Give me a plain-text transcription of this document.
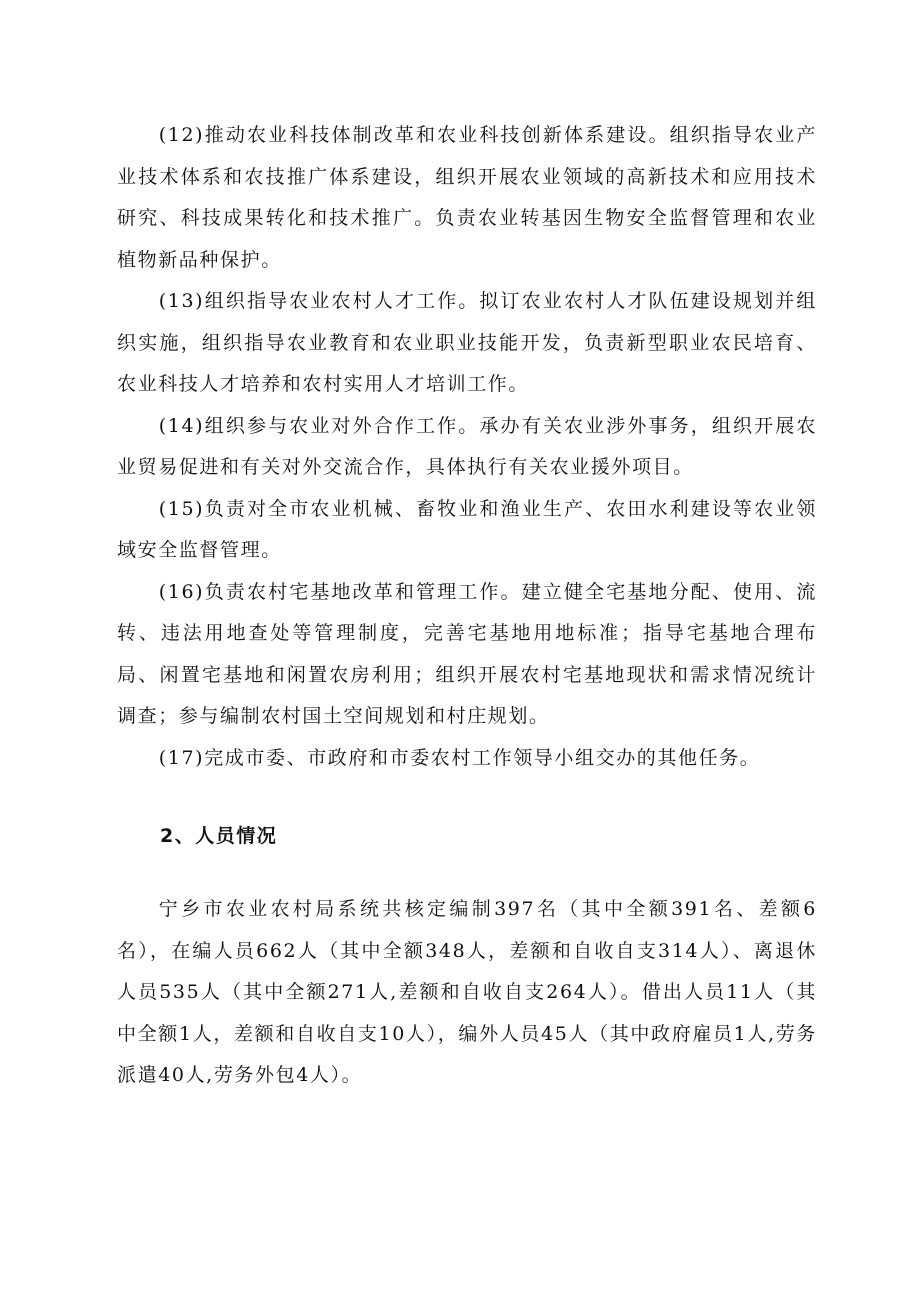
(12)推动农业科技体制改革和农业科技创新体系建设。组织指导农业产业技术体系和农技推广体系建设，组织开展农业领域的高新技术和应用技术研究、科技成果转化和技术推广。负责农业转基因生物安全监督管理和农业植物新品种保护。

(13)组织指导农业农村人才工作。拟订农业农村人才队伍建设规划并组织实施，组织指导农业教育和农业职业技能开发，负责新型职业农民培育、农业科技人才培养和农村实用人才培训工作。

(14)组织参与农业对外合作工作。承办有关农业涉外事务，组织开展农业贸易促进和有关对外交流合作，具体执行有关农业援外项目。

(15)负责对全市农业机械、畜牧业和渔业生产、农田水利建设等农业领域安全监督管理。

(16)负责农村宅基地改革和管理工作。建立健全宅基地分配、使用、流转、违法用地查处等管理制度，完善宅基地用地标准；指导宅基地合理布局、闲置宅基地和闲置农房利用；组织开展农村宅基地现状和需求情况统计调查；参与编制农村国土空间规划和村庄规划。

(17)完成市委、市政府和市委农村工作领导小组交办的其他任务。

2、人员情况

宁乡市农业农村局系统共核定编制397名（其中全额391名、差额6名），在编人员662人（其中全额348人，差额和自收自支314人）、离退休人员535人（其中全额271人,差额和自收自支264人）。借出人员11人（其中全额1人，差额和自收自支10人），编外人员45人（其中政府雇员1人,劳务派遣40人,劳务外包4人）。
